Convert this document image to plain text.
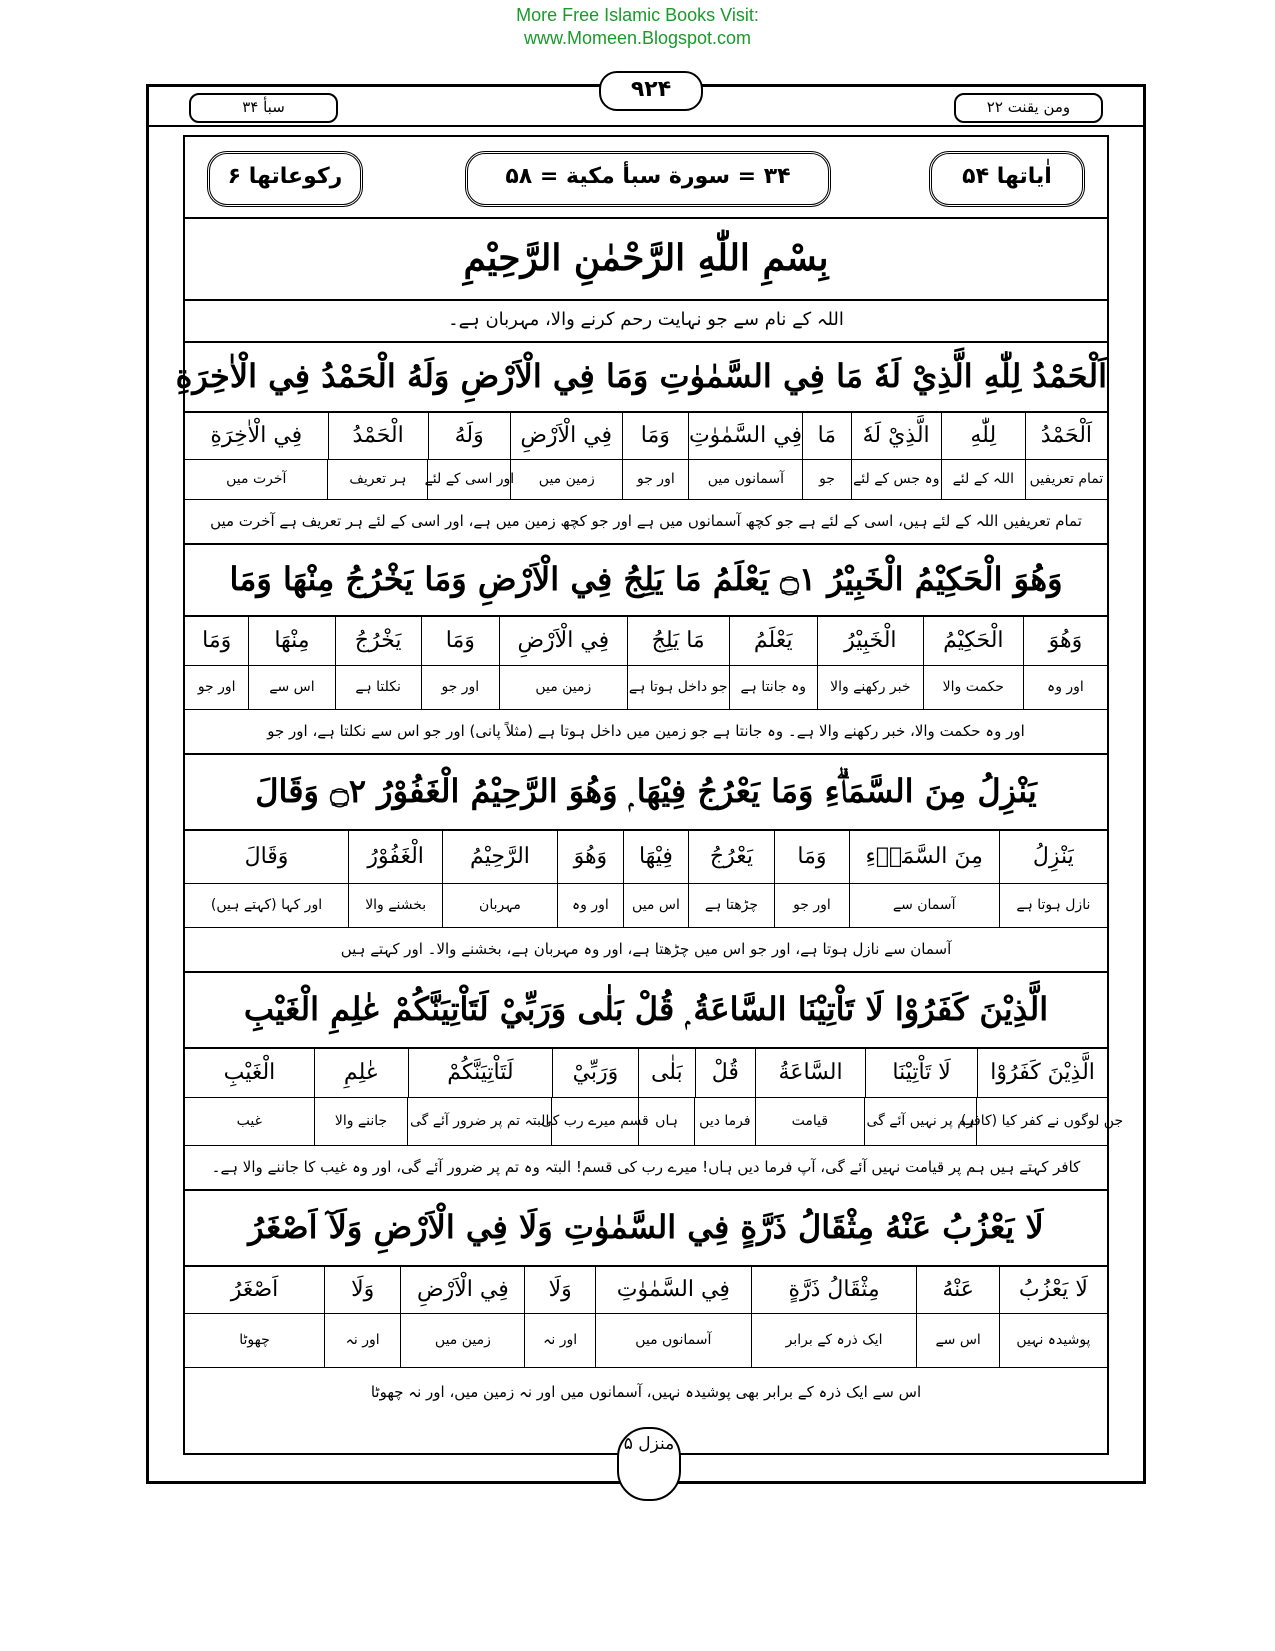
More Free Islamic Books Visit:
www.Momeen.Blogspot.com
سبأ ۳۴
۹۲۴
ومن يقنت ۲۲
رکوعاتها ۶	۳۴ = سورة سبأ مكية = ۵۸	اٰیاتها ۵۴
بِسْمِ اللّٰهِ الرَّحْمٰنِ الرَّحِيْمِ
اللہ کے نام سے جو نہایت رحم کرنے والا، مہربان ہے۔
اَلْحَمْدُ لِلّٰهِ الَّذِيْ لَهٗ مَا فِي السَّمٰوٰتِ وَمَا فِي الْاَرْضِ وَلَهُ الْحَمْدُ فِي الْاٰخِرَةِ
اَلْحَمْدُ
لِلّٰهِ
الَّذِيْ لَهٗ
مَا
فِي السَّمٰوٰتِ
وَمَا
فِي الْاَرْضِ
وَلَهُ
الْحَمْدُ
فِي الْاٰخِرَةِ
تمام تعریفیں
اللہ کے لئے
وہ جس کے لئے
جو
آسمانوں میں
اور جو
زمین میں
اور اسی کے لئے
ہر تعریف
آخرت میں
تمام تعریفیں اللہ کے لئے ہیں، اسی کے لئے ہے جو کچھ آسمانوں میں ہے اور جو کچھ زمین میں ہے، اور اسی کے لئے ہر تعریف ہے آخرت میں
وَهُوَ الْحَكِيْمُ الْخَبِيْرُ ۝۱ يَعْلَمُ مَا يَلِجُ فِي الْاَرْضِ وَمَا يَخْرُجُ مِنْهَا وَمَا
وَهُوَ
الْحَكِيْمُ
الْخَبِيْرُ
يَعْلَمُ
مَا يَلِجُ
فِي الْاَرْضِ
وَمَا
يَخْرُجُ
مِنْهَا
وَمَا
اور وہ
حکمت والا
خبر رکھنے والا
وہ جانتا ہے
جو داخل ہوتا ہے
زمین میں
اور جو
نکلتا ہے
اس سے
اور جو
اور وہ حکمت والا، خبر رکھنے والا ہے۔ وہ جانتا ہے جو زمین میں داخل ہوتا ہے (مثلاً پانی) اور جو اس سے نکلتا ہے، اور جو
يَنْزِلُ مِنَ السَّمَاۗءِ وَمَا يَعْرُجُ فِيْهَا ۭ وَهُوَ الرَّحِيْمُ الْغَفُوْرُ ۝۲ وَقَالَ
يَنْزِلُ
مِنَ السَّمَاۗءِ
وَمَا
يَعْرُجُ
فِيْهَا
وَهُوَ
الرَّحِيْمُ
الْغَفُوْرُ
وَقَالَ
نازل ہوتا ہے
آسمان سے
اور جو
چڑھتا ہے
اس میں
اور وہ
مہربان
بخشنے والا
اور کہا (کہتے ہیں)
آسمان سے نازل ہوتا ہے، اور جو اس میں چڑھتا ہے، اور وہ مہربان ہے، بخشنے والا۔ اور کہتے ہیں
الَّذِيْنَ كَفَرُوْا لَا تَاْتِيْنَا السَّاعَةُ ۭ قُلْ بَلٰى وَرَبِّيْ لَتَاْتِيَنَّكُمْ عٰلِمِ الْغَيْبِ
الَّذِيْنَ كَفَرُوْا
لَا تَاْتِيْنَا
السَّاعَةُ
قُلْ
بَلٰى
وَرَبِّيْ
لَتَاْتِيَنَّكُمْ
عٰلِمِ
الْغَيْبِ
جن لوگوں نے کفر کیا (کافر)
ہم پر نہیں آئے گی
قیامت
فرما دیں
ہاں
قسم میرے رب کی
البتہ تم پر ضرور آئے گی
جاننے والا
غیب
کافر کہتے ہیں ہم پر قیامت نہیں آئے گی، آپ فرما دیں ہاں! میرے رب کی قسم! البتہ وہ تم پر ضرور آئے گی، اور وہ غیب کا جاننے والا ہے۔
لَا يَعْزُبُ عَنْهُ مِثْقَالُ ذَرَّةٍ فِي السَّمٰوٰتِ وَلَا فِي الْاَرْضِ وَلَآ اَصْغَرُ
لَا يَعْزُبُ
عَنْهُ
مِثْقَالُ ذَرَّةٍ
فِي السَّمٰوٰتِ
وَلَا
فِي الْاَرْضِ
وَلَا
اَصْغَرُ
پوشیدہ نہیں
اس سے
ایک ذرہ کے برابر
آسمانوں میں
اور نہ
زمین میں
اور نہ
چھوٹا
اس سے ایک ذرہ کے برابر بھی پوشیدہ نہیں، آسمانوں میں اور نہ زمین میں، اور نہ چھوٹا
منزل ۵
